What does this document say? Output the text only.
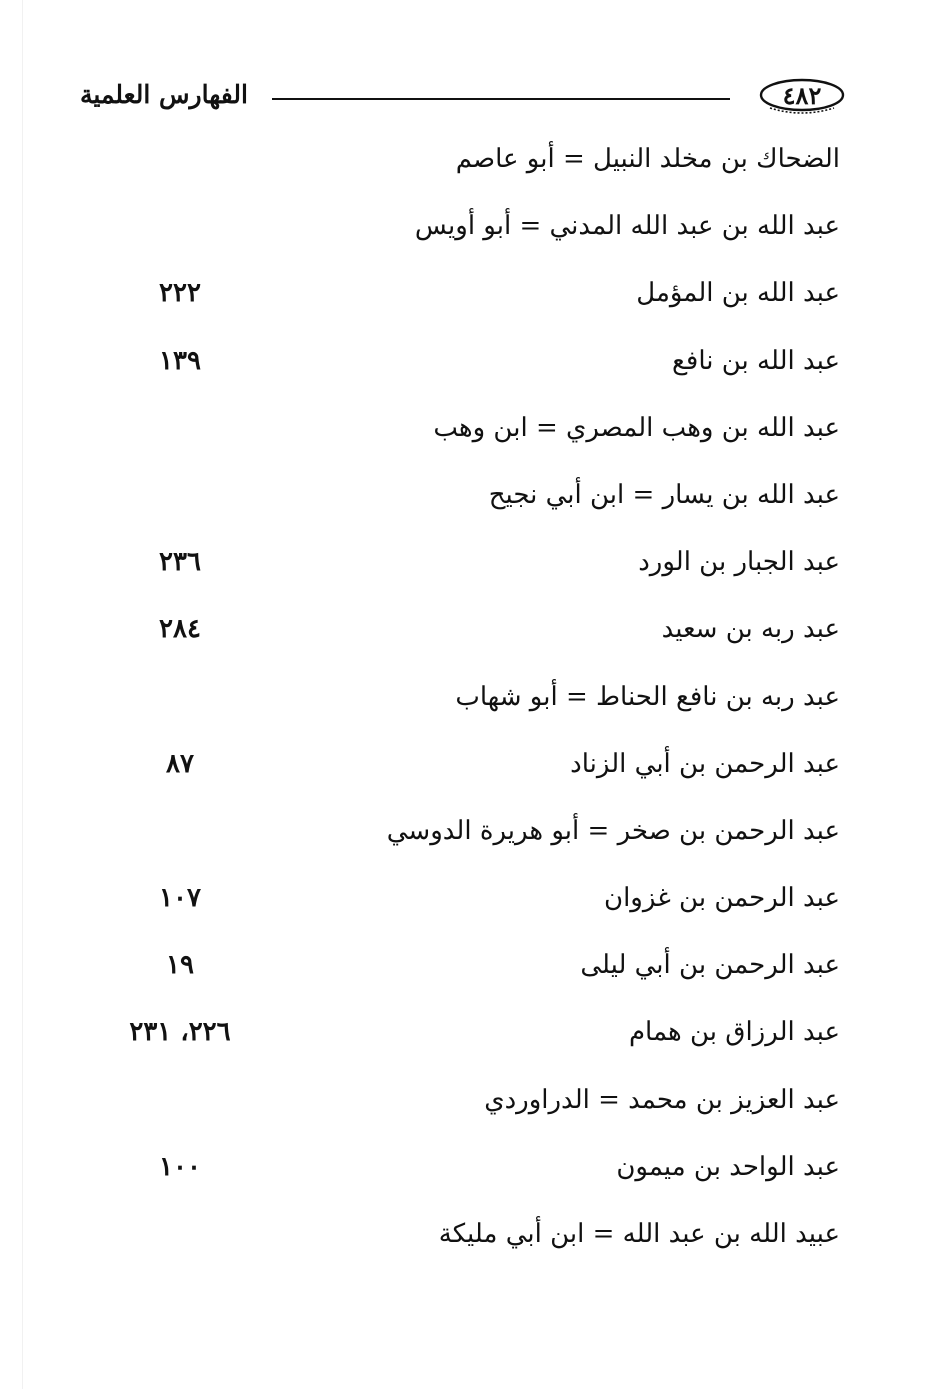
الفهارس العلمية	٤٨٢
الضحاك بن مخلد النبيل = أبو عاصم
عبد الله بن عبد الله المدني = أبو أويس
عبد الله بن المؤمل
٢٢٢
عبد الله بن نافع
١٣٩
عبد الله بن وهب المصري = ابن وهب
عبد الله بن يسار = ابن أبي نجيح
عبد الجبار بن الورد
٢٣٦
عبد ربه بن سعيد
٢٨٤
عبد ربه بن نافع الحناط = أبو شهاب
عبد الرحمن بن أبي الزناد
٨٧
عبد الرحمن بن صخر = أبو هريرة الدوسي
عبد الرحمن بن غزوان
١٠٧
عبد الرحمن بن أبي ليلى
١٩
عبد الرزاق بن همام
٢٢٦، ٢٣١
عبد العزيز بن محمد = الدراوردي
عبد الواحد بن ميمون
١٠٠
عبيد الله بن عبد الله = ابن أبي مليكة
